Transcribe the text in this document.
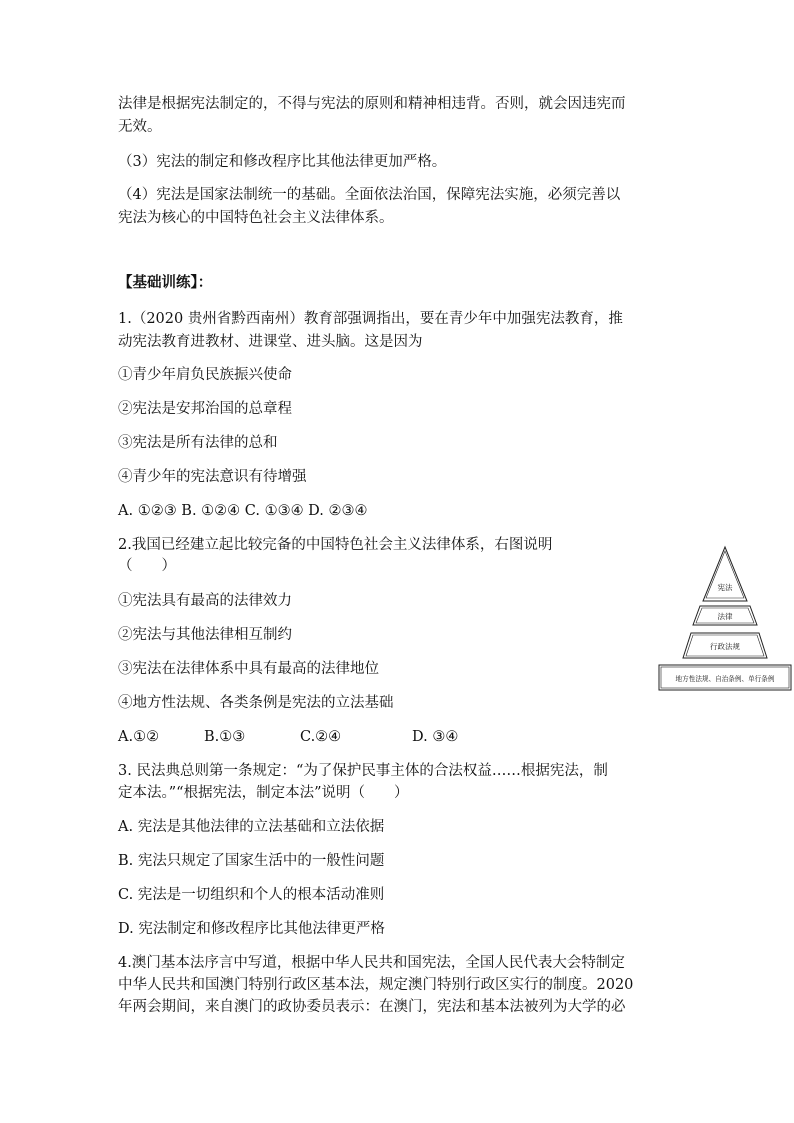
法律是根据宪法制定的，不得与宪法的原则和精神相违背。否则，就会因违宪而

无效。

（3）宪法的制定和修改程序比其他法律更加严格。

（4）宪法是国家法制统一的基础。全面依法治国，保障宪法实施，必须完善以

宪法为核心的中国特色社会主义法律体系。

【基础训练】：

1.（2020 贵州省黔西南州）教育部强调指出，要在青少年中加强宪法教育，推

动宪法教育进教材、进课堂、进头脑。这是因为

①青少年肩负民族振兴使命

②宪法是安邦治国的总章程

③宪法是所有法律的总和

④青少年的宪法意识有待增强

A. ①②③ B. ①②④ C. ①③④ D. ②③④

2.我国已经建立起比较完备的中国特色社会主义法律体系，右图说明

（　　）

①宪法具有最高的法律效力

②宪法与其他法律相互制约

③宪法在法律体系中具有最高的法律地位

④地方性法规、各类条例是宪法的立法基础

A.①②	B.①③	C.②④	D. ③④
宪法
法律
行政法规
地方性法规、自治条例、单行条例

3. 民法典总则第一条规定：“为了保护民事主体的合法权益……根据宪法，制

定本法。”“根据宪法，制定本法”说明（　　）

A. 宪法是其他法律的立法基础和立法依据

B. 宪法只规定了国家生活中的一般性问题

C. 宪法是一切组织和个人的根本活动准则

D. 宪法制定和修改程序比其他法律更严格

4.澳门基本法序言中写道，根据中华人民共和国宪法，全国人民代表大会特制定

中华人民共和国澳门特别行政区基本法，规定澳门特别行政区实行的制度。2020

年两会期间，来自澳门的政协委员表示：在澳门，宪法和基本法被列为大学的必
